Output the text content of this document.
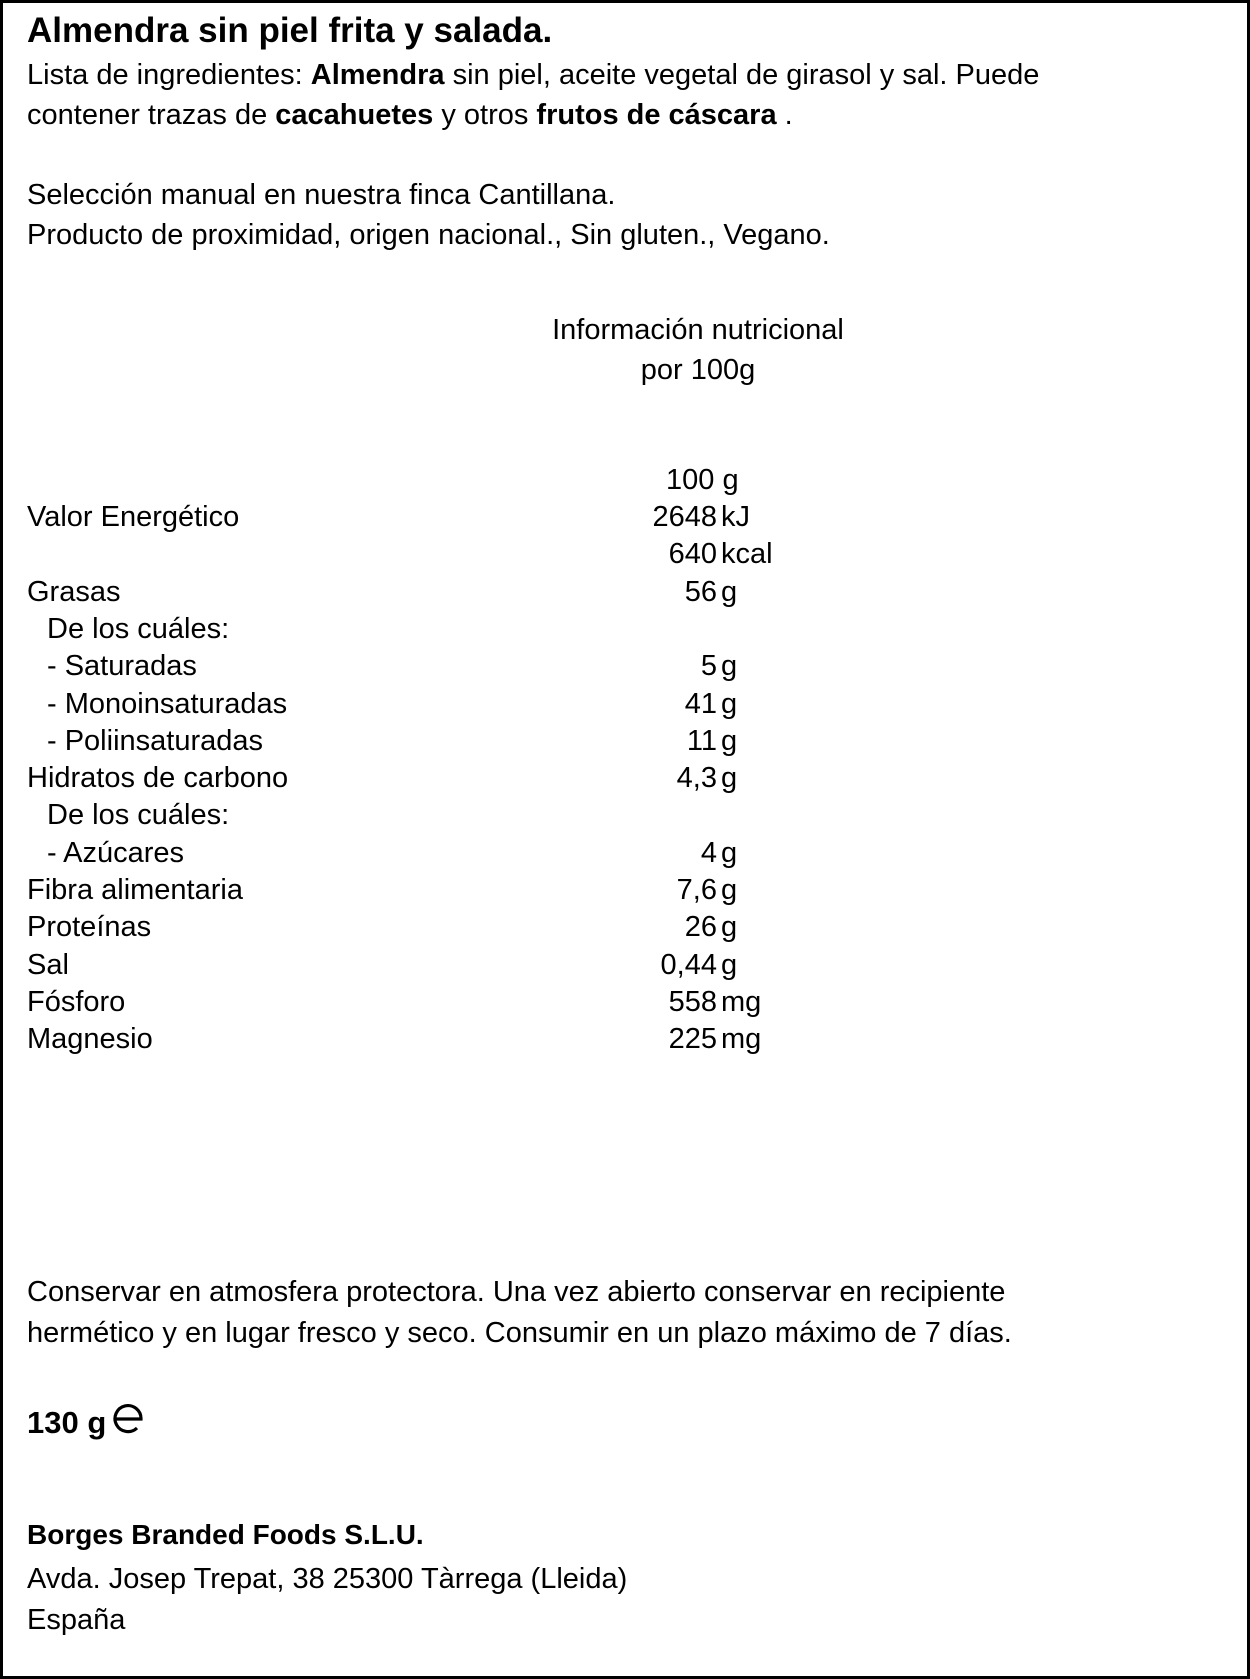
Almendra sin piel frita y salada.
Lista de ingredientes: Almendra sin piel, aceite vegetal de girasol y sal. Puede
contener trazas de cacahuetes y otros frutos de cáscara .
Selección manual en nuestra finca Cantillana.
Producto de proximidad, origen nacional., Sin gluten., Vegano.
Información nutricional
por 100g
100 g
Valor Energético	2648 kJ
640 kcal
Grasas	56 g
De los cuáles:
- Saturadas	5 g
- Monoinsaturadas	41 g
- Poliinsaturadas	11 g
Hidratos de carbono	4,3 g
De los cuáles:
- Azúcares	4 g
Fibra alimentaria	7,6 g
Proteínas	26 g
Sal	0,44 g
Fósforo	558 mg
Magnesio	225 mg
Conservar en atmosfera protectora. Una vez abierto conservar en recipiente
hermético y en lugar fresco y seco. Consumir en un plazo máximo de 7 días.
130 g
Borges Branded Foods S.L.U.
Avda. Josep Trepat, 38 25300 Tàrrega (Lleida)
España
